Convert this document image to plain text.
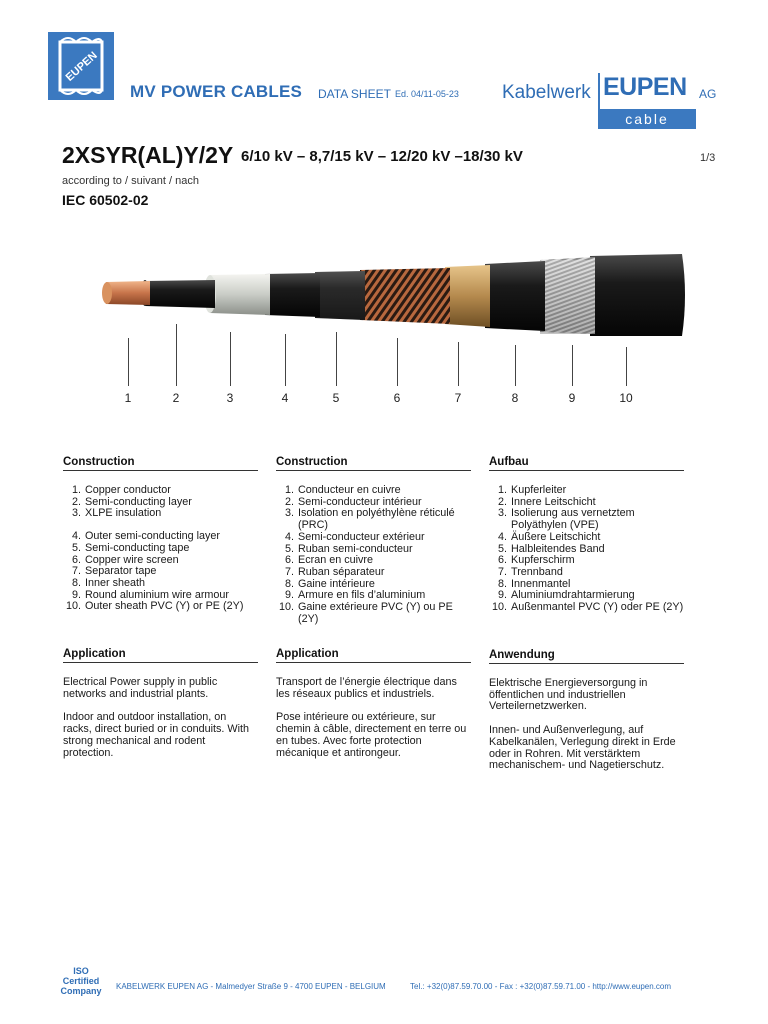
EUPEN
MV POWER CABLES DATA SHEET Ed. 04/11-05-23 Kabelwerk EUPEN AG
cable
2XSYR(AL)Y/2Y 6/10 kV – 8,7/15 kV – 12/20 kV –18/30 kV	1/3
according to / suivant / nach
IEC 60502-02
1	2	3	4	5	6	7	8	9	10
Construction
1. Copper conductor
2. Semi-conducting layer
3. XLPE insulation
4. Outer semi-conducting layer
5. Semi-conducting tape
6. Copper wire screen
7. Separator tape
8. Inner sheath
9. Round aluminium wire armour
10. Outer sheath PVC (Y) or PE (2Y)
Application

Electrical Power supply in public networks and industrial plants.

Indoor and outdoor installation, on racks, direct buried or in conduits. With strong mechanical and rodent protection.

Construction
1. Conducteur en cuivre
2. Semi-conducteur intérieur
3. Isolation en polyéthylène réticulé (PRC)
4. Semi-conducteur extérieur
5. Ruban semi-conducteur
6. Ecran en cuivre
7. Ruban séparateur
8. Gaine intérieure
9. Armure en fils d’aluminium
10. Gaine extérieure PVC (Y) ou PE (2Y)
Application

Transport de l’énergie électrique dans les réseaux publics et industriels.

Pose intérieure ou extérieure, sur chemin à câble, directement en terre ou en tubes. Avec forte protection mécanique et antirongeur.

Aufbau
1. Kupferleiter
2. Innere Leitschicht
3. Isolierung aus vernetztem Polyäthylen (VPE)
4. Äußere Leitschicht
5. Halbleitendes Band
6. Kupferschirm
7. Trennband
8. Innenmantel
9. Aluminiumdrahtarmierung
10. Außenmantel PVC (Y) oder PE (2Y)
Anwendung

Elektrische Energieversorgung in öffentlichen und industriellen Verteilernetzwerken.

Innen- und Außenverlegung, auf Kabelkanälen, Verlegung direkt in Erde oder in Rohren. Mit verstärktem mechanischem- und Nagetierschutz.

ISO
Certified
Company	KABELWERK EUPEN AG - Malmedyer Straße 9 - 4700 EUPEN - BELGIUM	Tel.: +32(0)87.59.70.00 - Fax : +32(0)87.59.71.00 - http://www.eupen.com
